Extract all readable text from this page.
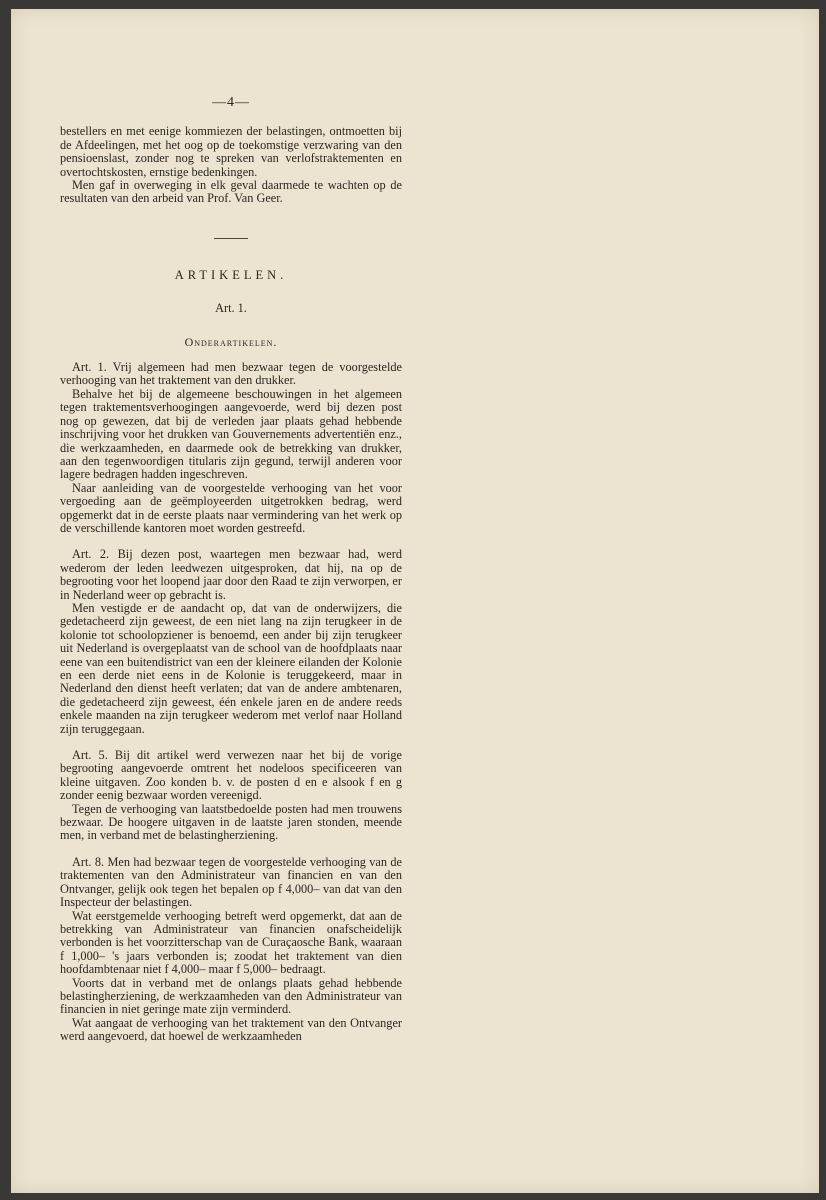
—4—

bestellers en met eenige kommiezen der belastingen, ontmoetten bij de Afdeelingen, met het oog op de toekomstige verzwaring van den pensioenslast, zonder nog te spreken van verlofstraktementen en overtochtskosten, ernstige bedenkingen.

Men gaf in overweging in elk geval daarmede te wachten op de resultaten van den arbeid van Prof. Van Geer.

ARTIKELEN.
Art. 1.
Onderartikelen.

Art. 1. Vrij algemeen had men bezwaar tegen de voorgestelde verhooging van het traktement van den drukker.

Behalve het bij de algemeene beschouwingen in het algemeen tegen traktementsverhoogingen aangevoerde, werd bij dezen post nog op gewezen, dat bij de verleden jaar plaats gehad hebbende inschrijving voor het drukken van Gouvernements advertentiën enz., die werkzaamheden, en daarmede ook de betrekking van drukker, aan den tegenwoordigen titularis zijn gegund, terwijl anderen voor lagere bedragen hadden ingeschreven.

Naar aanleiding van de voorgestelde verhooging van het voor vergoeding aan de geëmployeerden uitgetrokken bedrag, werd opgemerkt dat in de eerste plaats naar vermindering van het werk op de verschillende kantoren moet worden gestreefd.

Art. 2. Bij dezen post, waartegen men bezwaar had, werd wederom der leden leedwezen uitgesproken, dat hij, na op de begrooting voor het loopend jaar door den Raad te zijn verworpen, er in Nederland weer op gebracht is.

Men vestigde er de aandacht op, dat van de onderwijzers, die gedetacheerd zijn geweest, de een niet lang na zijn terugkeer in de kolonie tot schoolopziener is benoemd, een ander bij zijn terugkeer uit Nederland is overgeplaatst van de school van de hoofdplaats naar eene van een buitendistrict van een der kleinere eilanden der Kolonie en een derde niet eens in de Kolonie is teruggekeerd, maar in Nederland den dienst heeft verlaten; dat van de andere ambtenaren, die gedetacheerd zijn geweest, één enkele jaren en de andere reeds enkele maanden na zijn terugkeer wederom met verlof naar Holland zijn teruggegaan.

Art. 5. Bij dit artikel werd verwezen naar het bij de vorige begrooting aangevoerde omtrent het nodeloos specificeeren van kleine uitgaven. Zoo konden b. v. de posten d en e alsook f en g zonder eenig bezwaar worden vereenigd.

Tegen de verhooging van laatstbedoelde posten had men trouwens bezwaar. De hoogere uitgaven in de laatste jaren stonden, meende men, in verband met de belastingherziening.

Art. 8. Men had bezwaar tegen de voorgestelde verhooging van de traktementen van den Administrateur van financien en van den Ontvanger, gelijk ook tegen het bepalen op f 4,000– van dat van den Inspecteur der belastingen.

Wat eerstgemelde verhooging betreft werd opgemerkt, dat aan de betrekking van Administrateur van financien onafscheidelijk verbonden is het voorzitterschap van de Curaçaosche Bank, waaraan f 1,000– 's jaars verbonden is; zoodat het traktement van dien hoofdambtenaar niet f 4,000– maar f 5,000– bedraagt.

Voorts dat in verband met de onlangs plaats gehad hebbende belastingherziening, de werkzaamheden van den Administrateur van financien in niet geringe mate zijn verminderd.

Wat aangaat de verhooging van het traktement van den Ontvanger werd aangevoerd, dat hoewel de werkzaamheden
